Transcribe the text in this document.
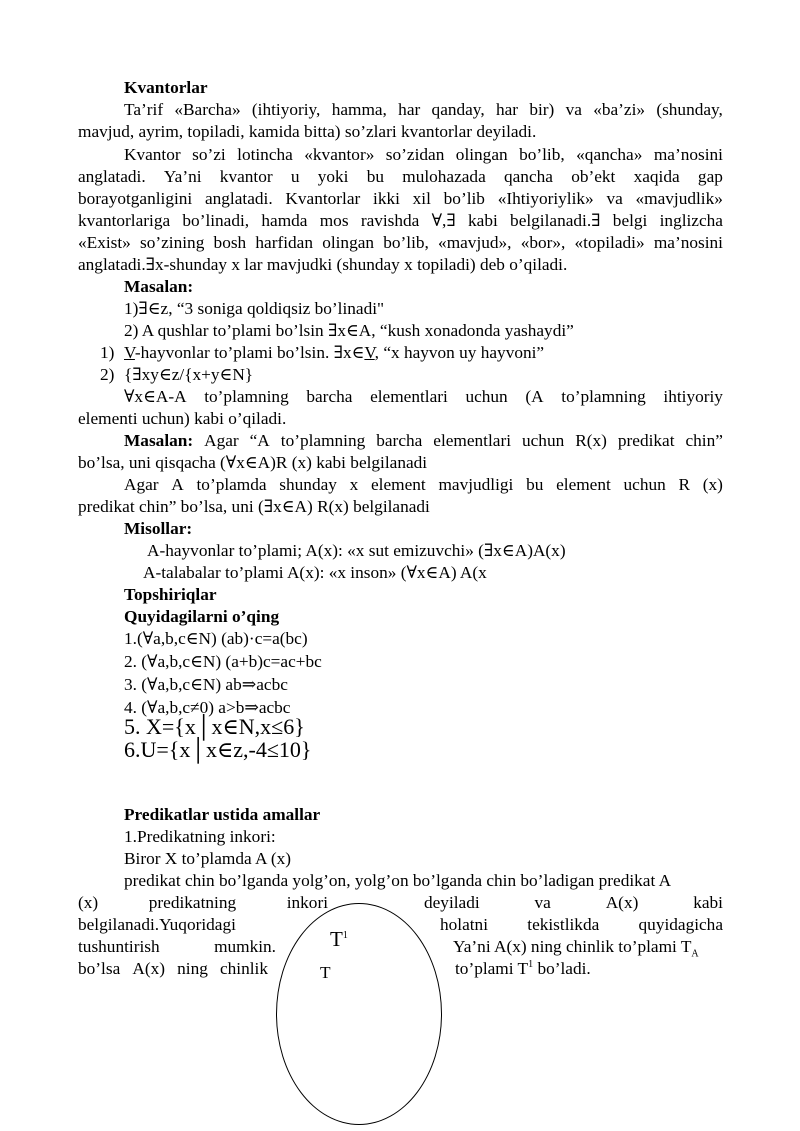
Kvantorlar
Ta’rif «Barcha» (ihtiyoriy, hamma, har qanday, har bir) va «ba’zi» (shunday,
mavjud, ayrim, topiladi, kamida bitta) so’zlari kvantorlar deyiladi.
Kvantor so’zi lotincha «kvantor» so’zidan olingan bo’lib, «qancha» ma’nosini
anglatadi. Ya’ni kvantor u yoki bu mulohazada qancha ob’ekt xaqida gap
borayotganligini anglatadi. Kvantorlar ikki xil bo’lib «Ihtiyoriylik» va «mavjudlik»
kvantorlariga bo’linadi, hamda mos ravishda ∀,∃ kabi belgilanadi.∃ belgi inglizcha
«Exist» so’zining bosh harfidan olingan bo’lib, «mavjud», «bor», «topiladi» ma’nosini
anglatadi.∃x-shunday x lar mavjudki (shunday x topiladi) deb o’qiladi.
Masalan:
1)∃∈z, “3 soniga qoldiqsiz bo’linadi"
2) A qushlar to’plami bo’lsin ∃x∈A, “kush xonadonda yashaydi”
1) V-hayvonlar to’plami bo’lsin. ∃x∈V, “x hayvon uy hayvoni”
2) {∃xy∈z/{x+y∈N}
∀x∈A-A to’plamning barcha elementlari uchun (A to’plamning ihtiyoriy
elementi uchun) kabi o’qiladi.
Masalan: Agar “A to’plamning barcha elementlari uchun R(x) predikat chin”
bo’lsa, uni qisqacha (∀x∈A)R (x) kabi belgilanadi
Agar A to’plamda shunday x element mavjudligi bu element uchun R (x)
predikat chin” bo’lsa, uni (∃x∈A) R(x) belgilanadi
Misollar:
A-hayvonlar to’plami; A(x): «x sut emizuvchi» (∃x∈A)A(x)
A-talabalar to’plami A(x): «x inson» (∀x∈A) A(x
Topshiriqlar
Quyidagilarni o’qing
1.(∀a,b,c∈N) (ab)·c=a(bc)
2. (∀a,b,c∈N) (a+b)c=ac+bc
3. (∀a,b,c∈N) ab⇒acbc
4. (∀a,b,c≠0) a>b⇒acbc
5. X={x│x∈N,x≤6}
6.U={x│x∈z,-4≤10}
Predikatlar ustida amallar
1.Predikatning inkori:
Biror X to’plamda A (x)
predikat chin bo’lganda yolg’on, yolg’on bo’lganda chin bo’ladigan predikat A
(x)	predikatning	inkori	deyiladi	va	A(x)	kabi
belgilanadi.Yuqoridagi	holatni tekistlikda quyidagicha
tushuntirish	mumkin.	Ya’ni A(x) ning chinlik to’plami $T_A$
bo’lsa A(x) ning chinlik	to’plami $T^1$ bo’ladi.
$T^1$
T
